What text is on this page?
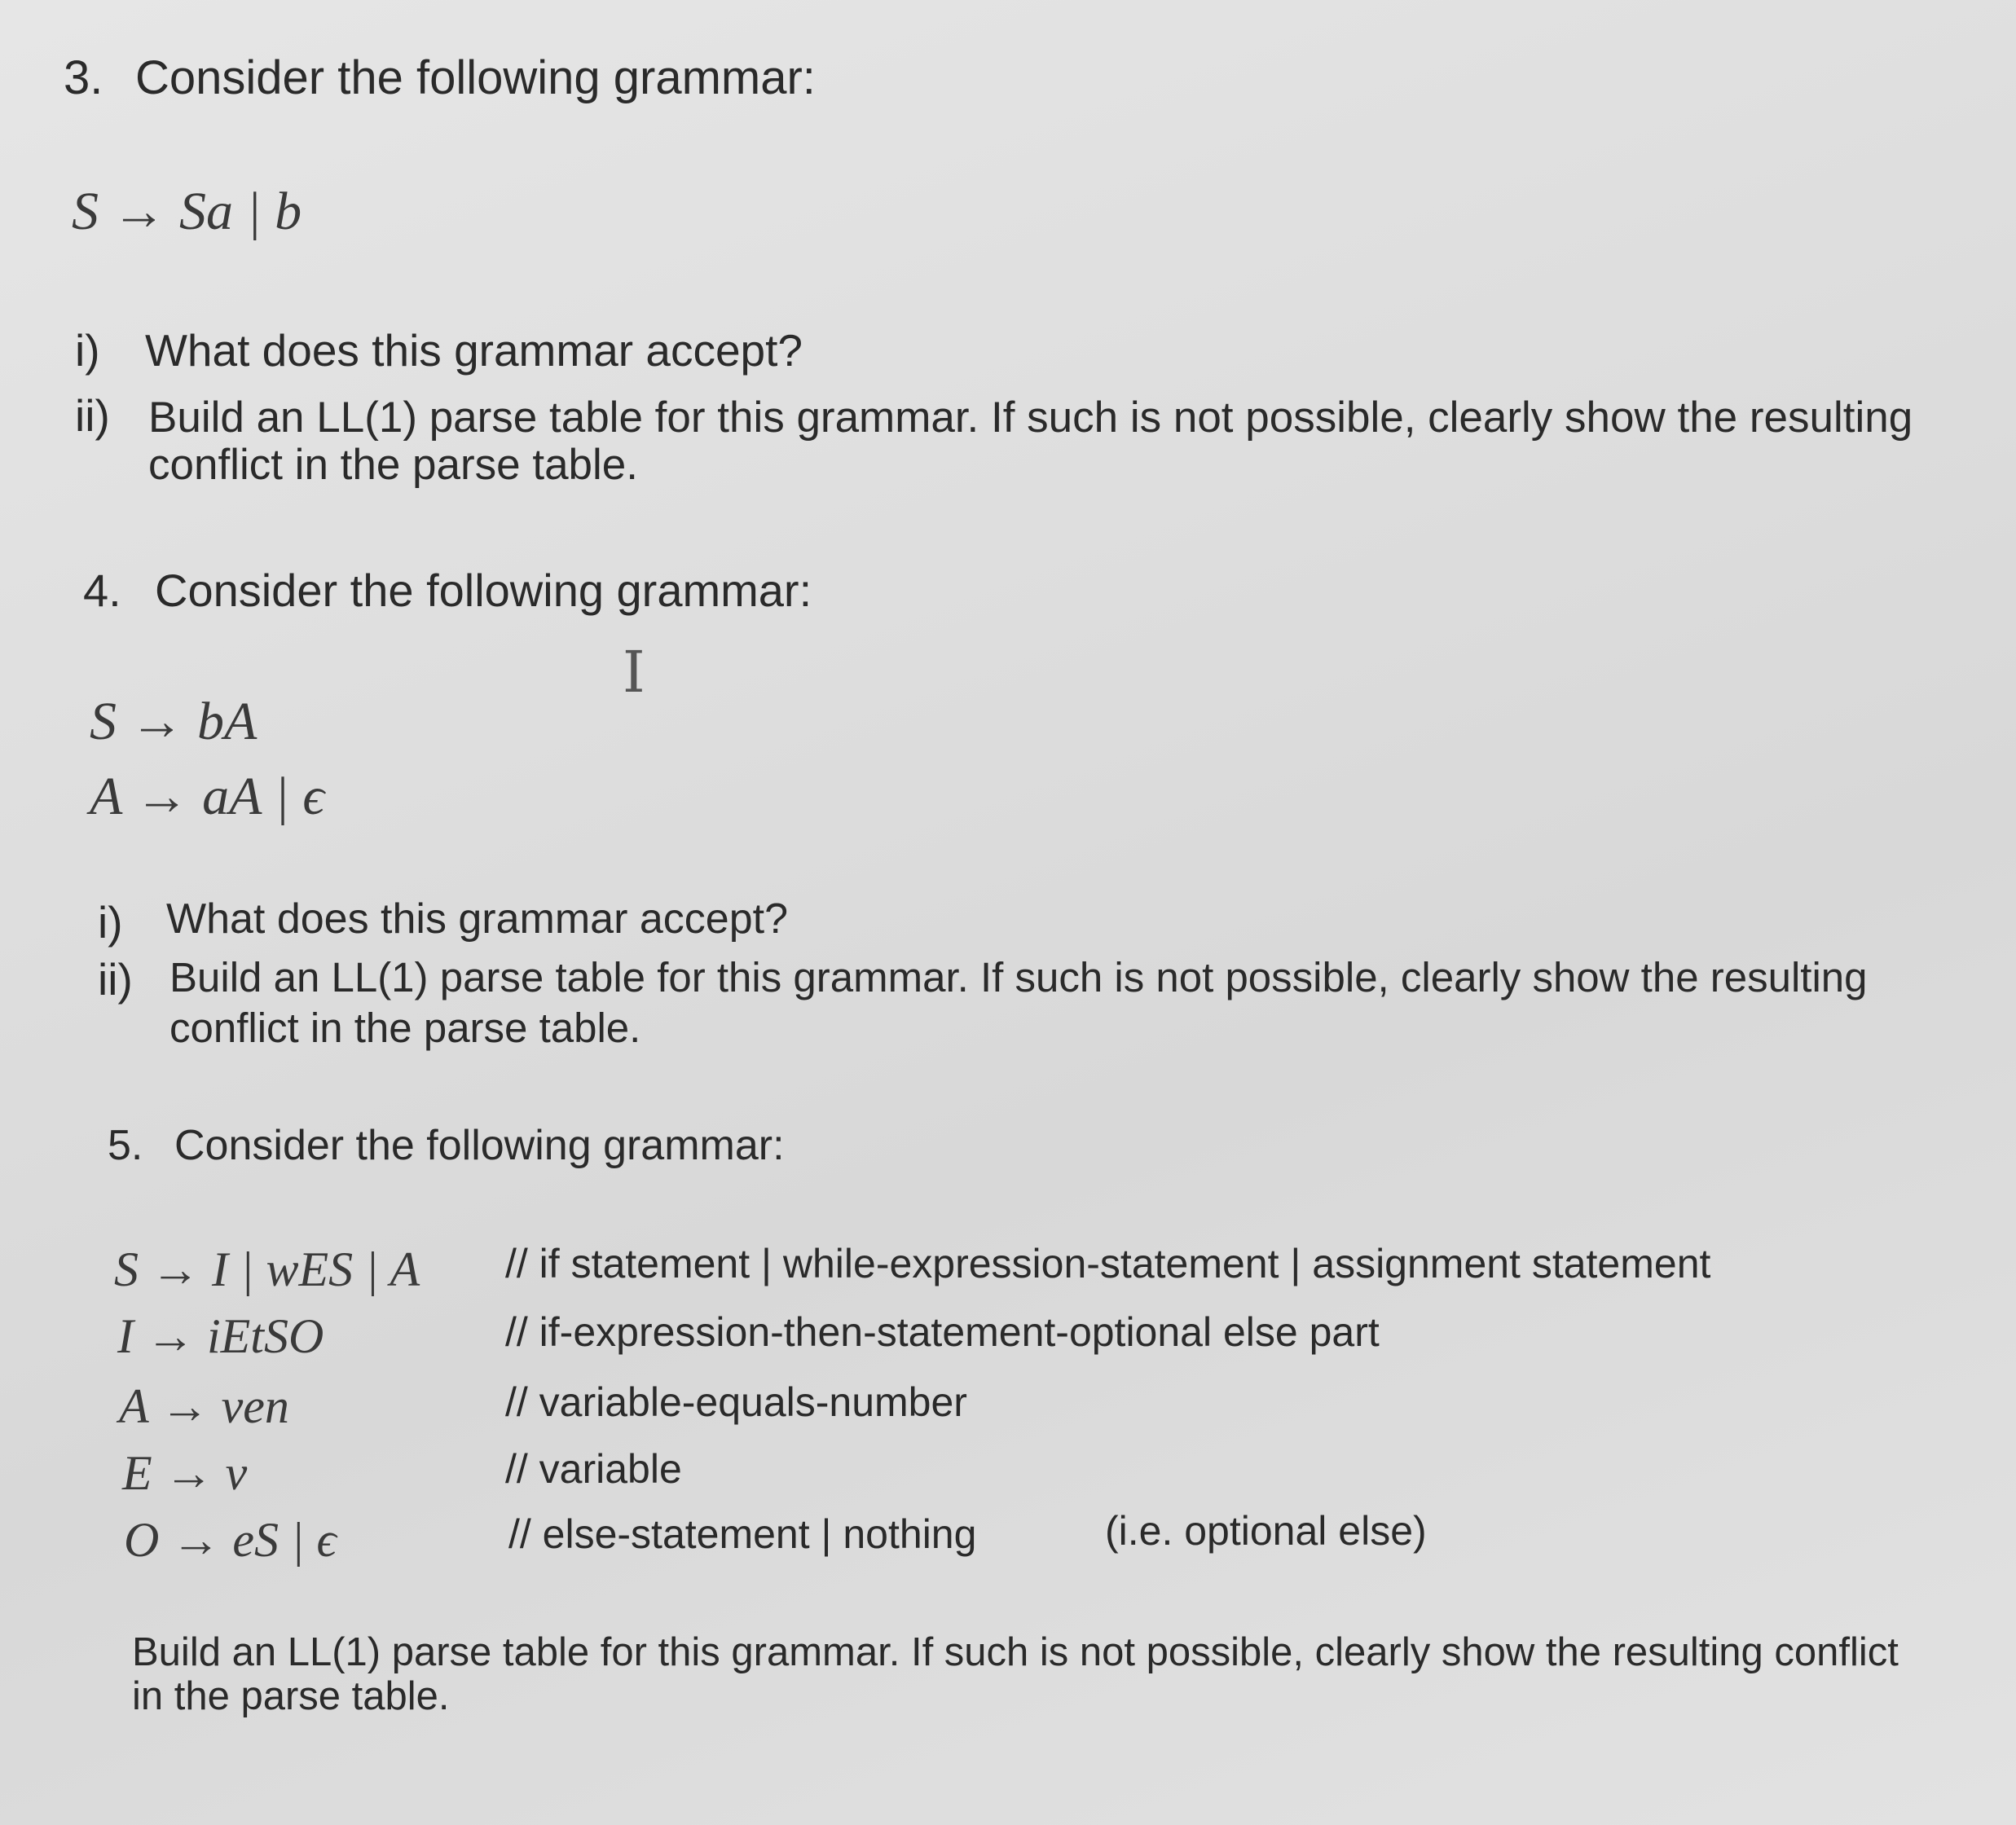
3. Consider the following grammar:
S → Sa | b
i) What does this grammar accept?
ii) Build an LL(1) parse table for this grammar. If such is not possible, clearly show the resulting
conflict in the parse table.
4. Consider the following grammar:
I
S → bA
A → aA | ϵ
i) What does this grammar accept?
ii) Build an LL(1) parse table for this grammar. If such is not possible, clearly show the resulting
conflict in the parse table.
5. Consider the following grammar:
S → I | wES | A // if statement | while-expression-statement | assignment statement
I → iEtSO	// if-expression-then-statement-optional else part
A → ven	// variable-equals-number
E → v	// variable
O → eS | ϵ	// else-statement | nothing	(i.e. optional else)
Build an LL(1) parse table for this grammar. If such is not possible, clearly show the resulting conflict
in the parse table.
